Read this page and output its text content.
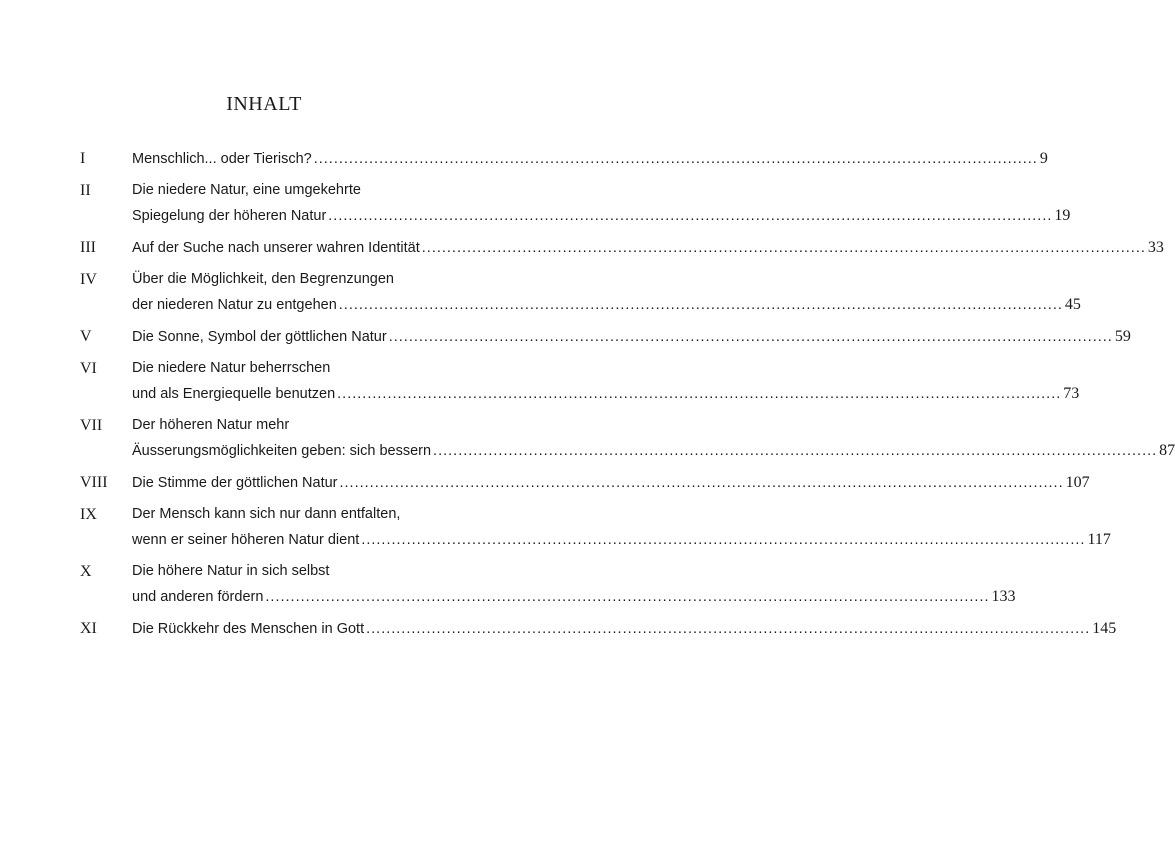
INHALT
I	Menschlich... oder Tierisch? .....	9
II	Die niedere Natur, eine umgekehrte
Spiegelung der höheren Natur .....	19
III	Auf der Suche nach unserer wahren Identität .....	33
IV	Über die Möglichkeit, den Begrenzungen
der niederen Natur zu entgehen .....	45
V	Die Sonne, Symbol der göttlichen Natur .....	59
VI	Die niedere Natur beherrschen
und als Energiequelle benutzen .....	73
VII	Der höheren Natur mehr
Äusserungsmöglichkeiten geben: sich bessern .....	87
VIII	Die Stimme der göttlichen Natur .....	107
IX	Der Mensch kann sich nur dann entfalten,
wenn er seiner höheren Natur dient .....	117
X	Die höhere Natur in sich selbst
und anderen fördern .....	133
XI	Die Rückkehr des Menschen in Gott .....	145
